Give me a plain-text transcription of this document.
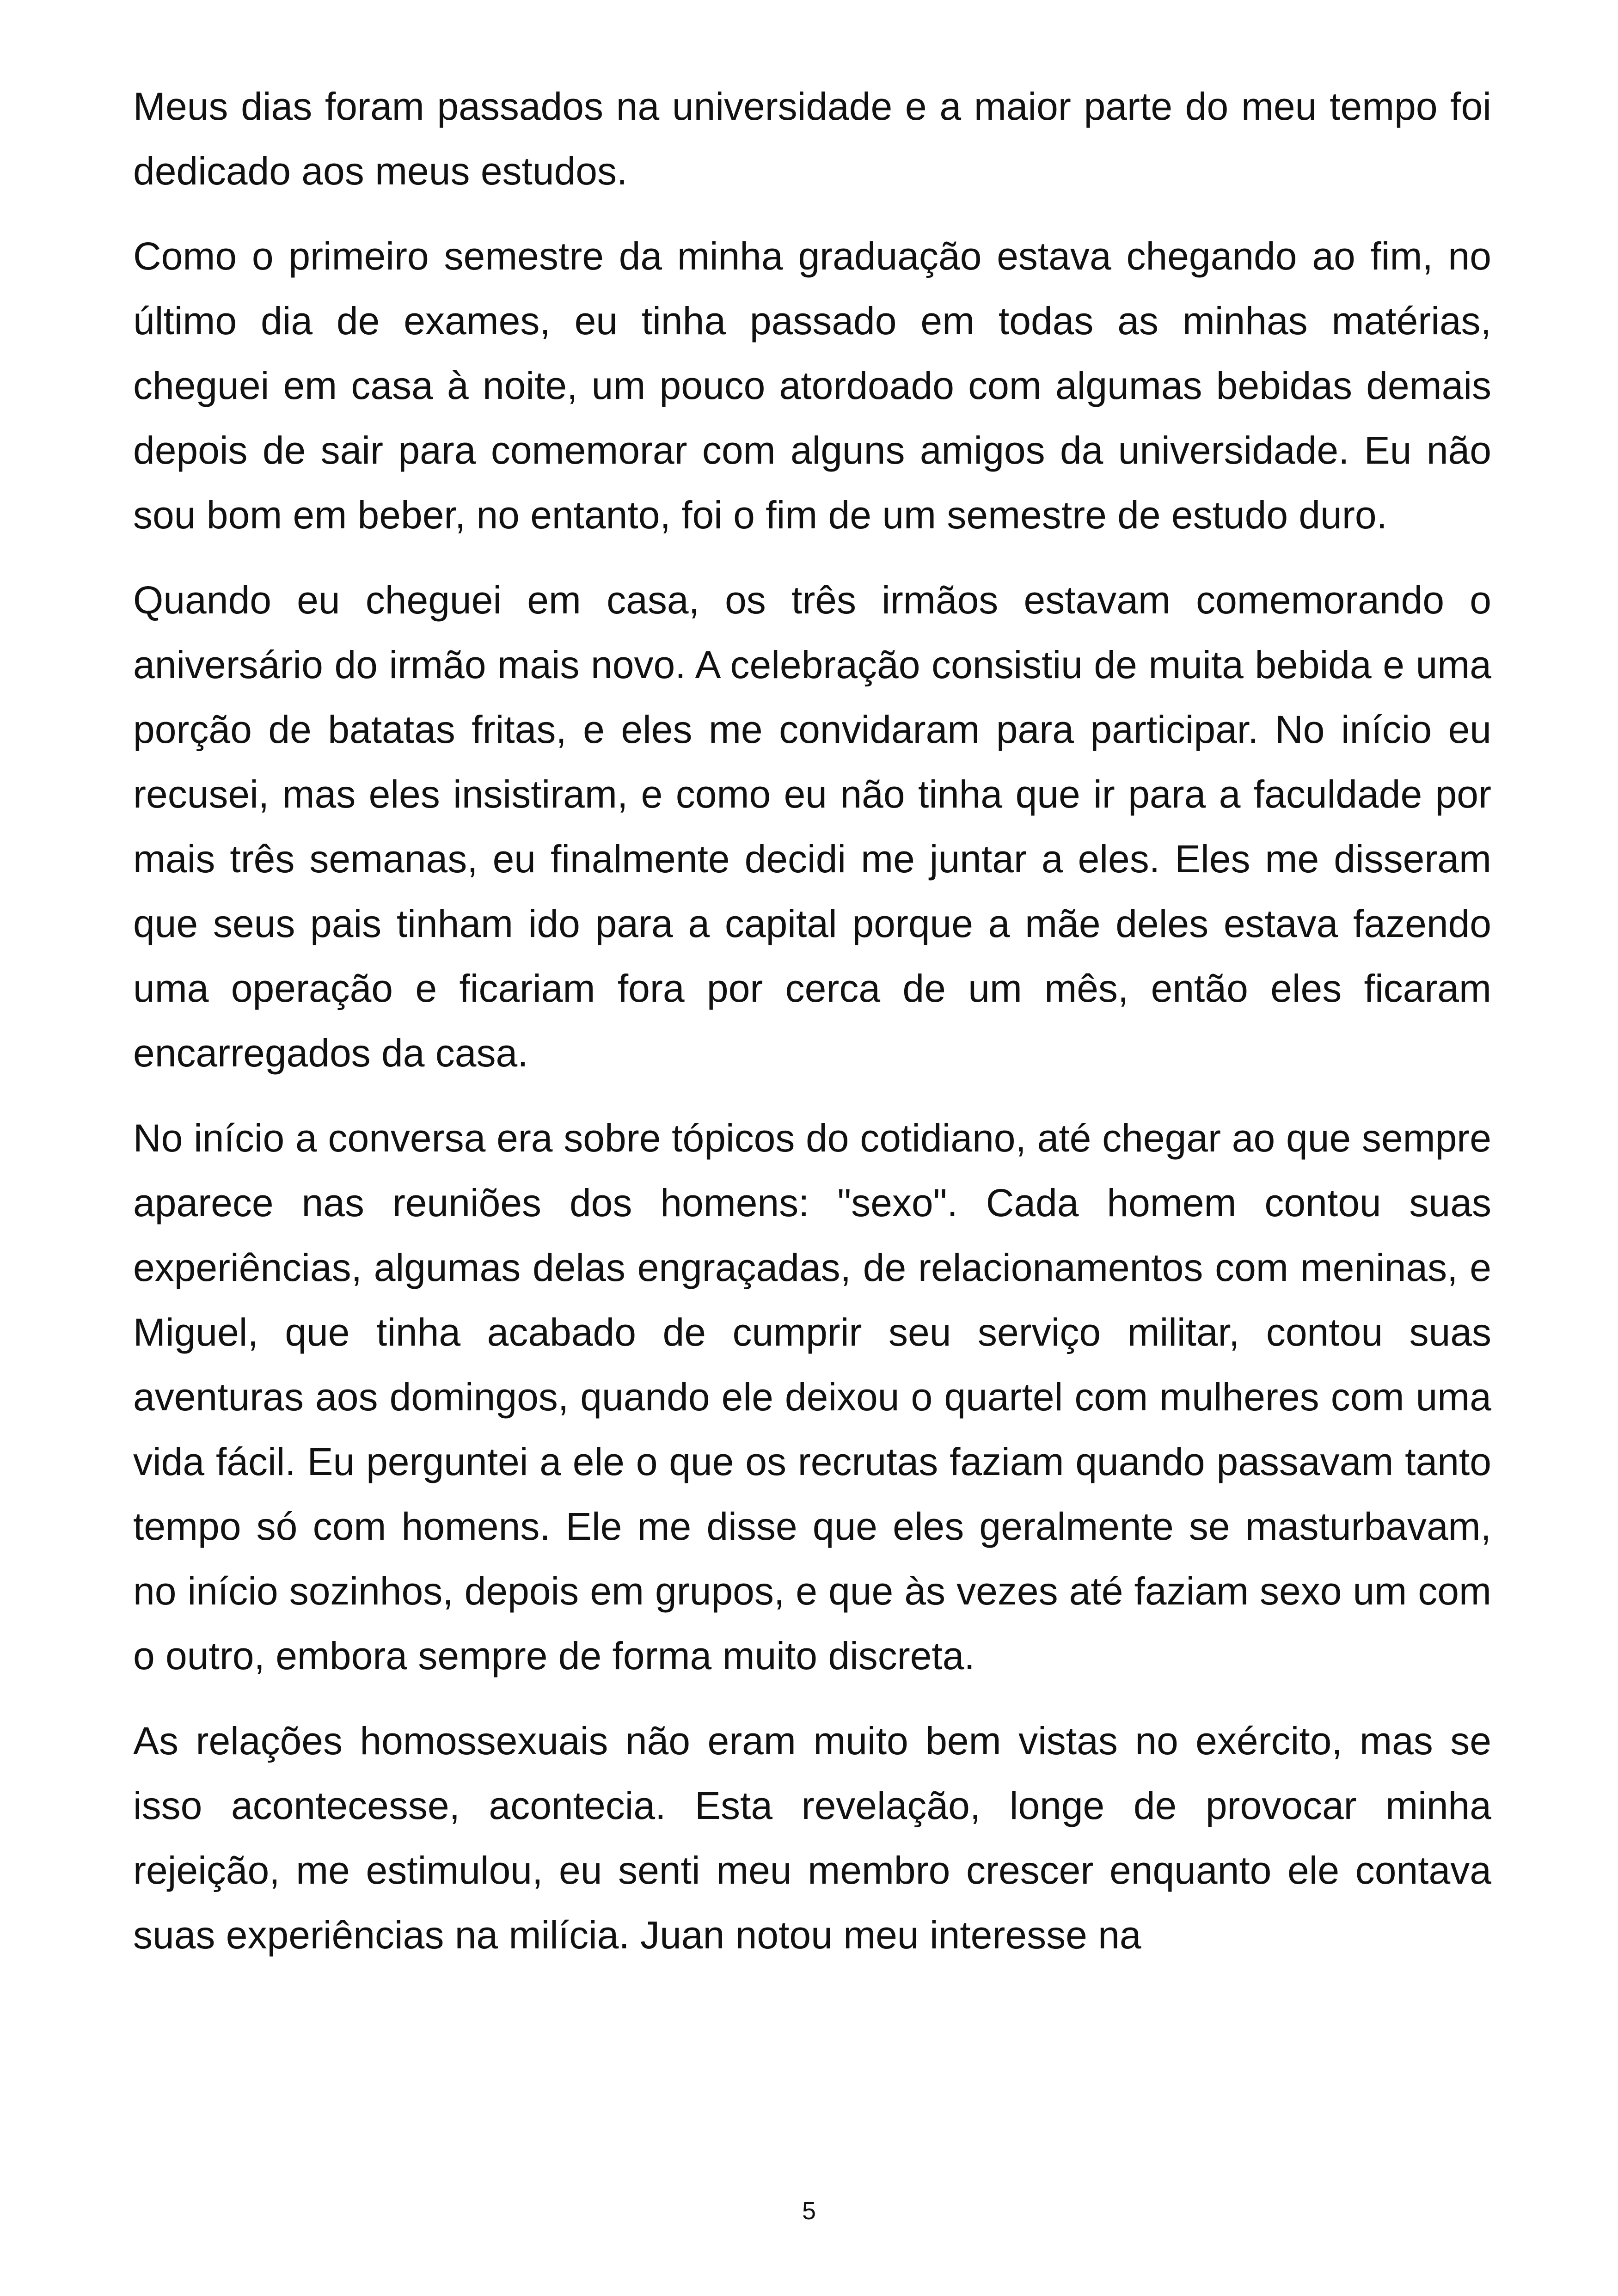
Meus dias foram passados na universidade e a maior parte do meu tempo foi dedicado aos meus estudos.

Como o primeiro semestre da minha graduação estava chegando ao fim, no último dia de exames, eu tinha passado em todas as minhas matérias, cheguei em casa à noite, um pouco atordoado com algumas bebidas demais depois de sair para comemorar com alguns amigos da universidade. Eu não sou bom em beber, no entanto, foi o fim de um semestre de estudo duro.

Quando eu cheguei em casa, os três irmãos estavam comemorando o aniversário do irmão mais novo. A celebração consistiu de muita bebida e uma porção de batatas fritas, e eles me convidaram para participar. No início eu recusei, mas eles insistiram, e como eu não tinha que ir para a faculdade por mais três semanas, eu finalmente decidi me juntar a eles. Eles me disseram que seus pais tinham ido para a capital porque a mãe deles estava fazendo uma operação e ficariam fora por cerca de um mês, então eles ficaram encarregados da casa.

No início a conversa era sobre tópicos do cotidiano, até chegar ao que sempre aparece nas reuniões dos homens: "sexo". Cada homem contou suas experiências, algumas delas engraçadas, de relacionamentos com meninas, e Miguel, que tinha acabado de cumprir seu serviço militar, contou suas aventuras aos domingos, quando ele deixou o quartel com mulheres com uma vida fácil. Eu perguntei a ele o que os recrutas faziam quando passavam tanto tempo só com homens. Ele me disse que eles geralmente se masturbavam, no início sozinhos, depois em grupos, e que às vezes até faziam sexo um com o outro, embora sempre de forma muito discreta.

As relações homossexuais não eram muito bem vistas no exército, mas se isso acontecesse, acontecia. Esta revelação, longe de provocar minha rejeição, me estimulou, eu senti meu membro crescer enquanto ele contava suas experiências na milícia. Juan notou meu interesse na

5
